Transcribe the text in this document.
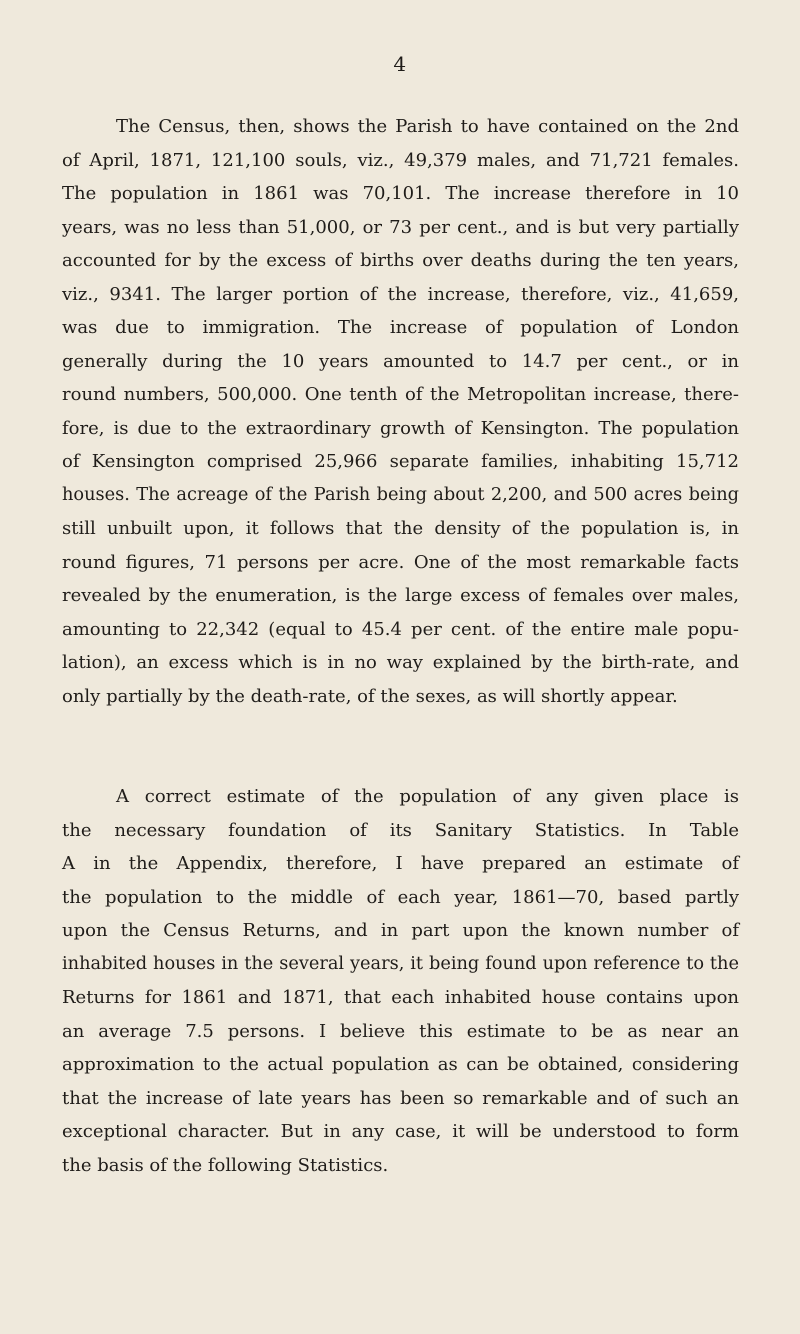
4
The Census, then, shows the Parish to have contained on the 2nd
of April, 1871, 121,100 souls, viz., 49,379 males, and 71,721 females.
The population in 1861 was 70,101. The increase therefore in 10
years, was no less than 51,000, or 73 per cent., and is but very partially
accounted for by the excess of births over deaths during the ten years,
viz., 9341. The larger portion of the increase, therefore, viz., 41,659,
was due to immigration. The increase of population of London
generally during the 10 years amounted to 14.7 per cent., or in
round numbers, 500,000. One tenth of the Metropolitan increase, there-
fore, is due to the extraordinary growth of Kensington. The population
of Kensington comprised 25,966 separate families, inhabiting 15,712
houses. The acreage of the Parish being about 2,200, and 500 acres being
still unbuilt upon, it follows that the density of the population is, in
round figures, 71 persons per acre. One of the most remarkable facts
revealed by the enumeration, is the large excess of females over males,
amounting to 22,342 (equal to 45.4 per cent. of the entire male popu-
lation), an excess which is in no way explained by the birth-rate, and
only partially by the death-rate, of the sexes, as will shortly appear.
A correct estimate of the population of any given place is
the necessary foundation of its Sanitary Statistics. In Table
A in the Appendix, therefore, I have prepared an estimate of
the population to the middle of each year, 1861—70, based partly
upon the Census Returns, and in part upon the known number of
inhabited houses in the several years, it being found upon reference to the
Returns for 1861 and 1871, that each inhabited house contains upon
an average 7.5 persons. I believe this estimate to be as near an
approximation to the actual population as can be obtained, considering
that the increase of late years has been so remarkable and of such an
exceptional character. But in any case, it will be understood to form
the basis of the following Statistics.
